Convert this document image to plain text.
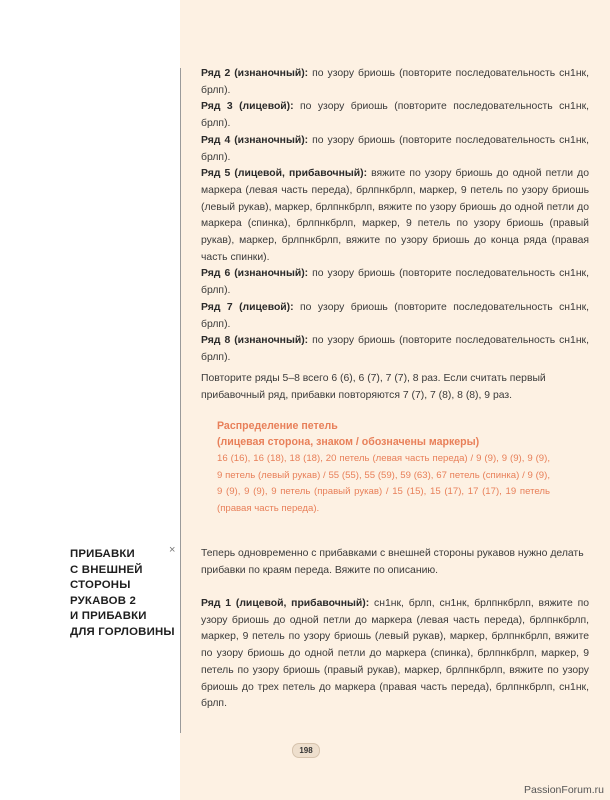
Ряд 2 (изнаночный): по узору бриошь (повторите последовательность сн1нк, брлп).

Ряд 3 (лицевой): по узору бриошь (повторите последовательность сн1нк, брлп).

Ряд 4 (изнаночный): по узору бриошь (повторите последовательность сн1нк, брлп).

Ряд 5 (лицевой, прибавочный): вяжите по узору бриошь до одной петли до маркера (левая часть переда), брлпнкбрлп, маркер, 9 петель по узору бриошь (левый рукав), маркер, брлпнкбрлп, вяжите по узору бриошь до одной петли до маркера (спинка), брлпнкбрлп, маркер, 9 петель по узору бриошь (правый рукав), маркер, брлпнкбрлп, вяжите по узору бриошь до конца ряда (правая часть спинки).

Ряд 6 (изнаночный): по узору бриошь (повторите последовательность сн1нк, брлп).

Ряд 7 (лицевой): по узору бриошь (повторите последовательность сн1нк, брлп).

Ряд 8 (изнаночный): по узору бриошь (повторите последовательность сн1нк, брлп).

Повторите ряды 5–8 всего 6 (6), 6 (7), 7 (7), 8 раз. Если считать первый прибавочный ряд, прибавки повторяются 7 (7), 7 (8), 8 (8), 9 раз.

Распределение петель

(лицевая сторона, знаком / обозначены маркеры)

16 (16), 16 (18), 18 (18), 20 петель (левая часть переда) / 9 (9), 9 (9), 9 (9), 9 петель (левый рукав) / 55 (55), 55 (59), 59 (63), 67 петель (спинка) / 9 (9), 9 (9), 9 (9), 9 петель (правый рукав) / 15 (15), 15 (17), 17 (17), 19 петель (правая часть переда).

ПРИБАВКИ
С ВНЕШНЕЙ
СТОРОНЫ
РУКАВОВ 2
И ПРИБАВКИ
ДЛЯ ГОРЛОВИНЫ

× Теперь одновременно с прибавками с внешней стороны рукавов нужно делать прибавки по краям переда. Вяжите по описанию.

Ряд 1 (лицевой, прибавочный): сн1нк, брлп, сн1нк, брлпнкбрлп, вяжите по узору бриошь до одной петли до маркера (левая часть переда), брлпнкбрлп, маркер, 9 петель по узору бриошь (левый рукав), маркер, брлпнкбрлп, вяжите по узору бриошь до одной петли до маркера (спинка), брлпнкбрлп, маркер, 9 петель по узору бриошь (правый рукав), маркер, брлпнкбрлп, вяжите по узору бриошь до трех петель до маркера (правая часть переда), брлпнкбрлп, сн1нк, брлп.

198
PassionForum.ru
